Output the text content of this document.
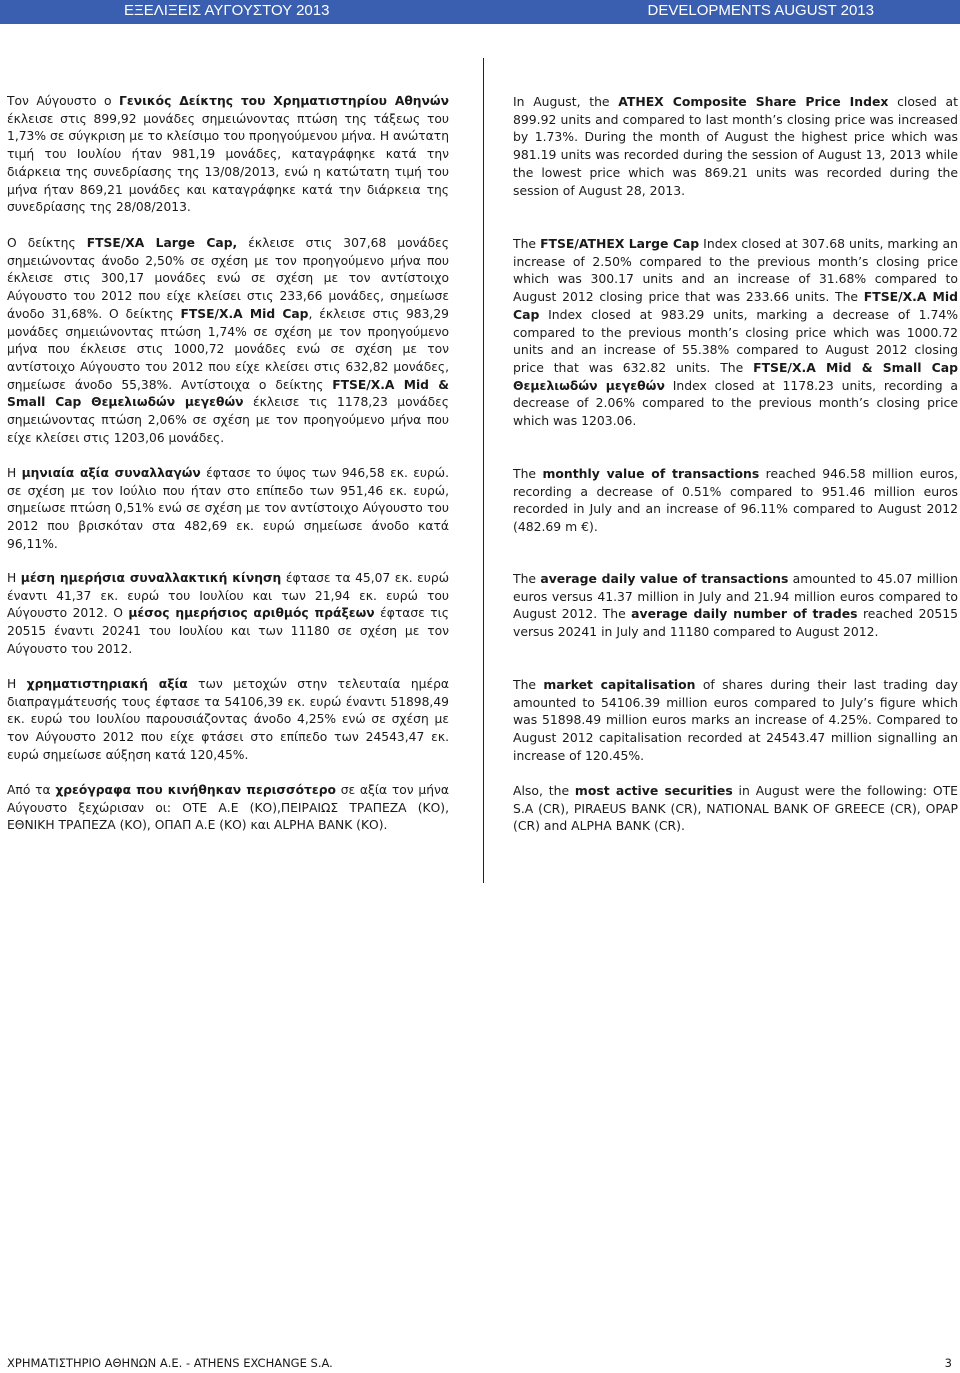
ΕΞΕΛΙΞΕΙΣ ΑΥΓΟΥΣΤΟΥ 2013	DEVELOPMENTS AUGUST 2013

Τον Αύγουστο ο Γενικός Δείκτης του Χρηματιστηρίου Αθηνών έκλεισε στις 899,92 μονάδες σημειώνοντας πτώση της τάξεως του 1,73% σε σύγκριση με το κλείσιμο του προηγούμενου μήνα. Η ανώτατη τιμή του Ιουλίου ήταν 981,19 μονάδες, καταγράφηκε κατά την διάρκεια της συνεδρίασης της 13/08/2013, ενώ η κατώτατη τιμή του μήνα ήταν 869,21 μονάδες και καταγράφηκε κατά την διάρκεια της συνεδρίασης της 28/08/2013.

Ο δείκτης FTSE/ΧΑ Large Cap, έκλεισε στις 307,68 μονάδες σημειώνοντας άνοδο 2,50% σε σχέση με τον προηγούμενο μήνα που έκλεισε στις 300,17 μονάδες ενώ σε σχέση με τον αντίστοιχο Αύγουστο του 2012 που είχε κλείσει στις 233,66 μονάδες, σημείωσε άνοδο 31,68%. Ο δείκτης FTSE/X.A Mid Cap, έκλεισε στις 983,29 μονάδες σημειώνοντας πτώση 1,74% σε σχέση με τον προηγούμενο μήνα που έκλεισε στις 1000,72 μονάδες ενώ σε σχέση με τον αντίστοιχο Αύγουστο του 2012 που είχε κλείσει στις 632,82 μονάδες, σημείωσε άνοδο 55,38%. Αντίστοιχα ο δείκτης FTSE/X.A Mid & Small Cap Θεμελιωδών μεγεθών έκλεισε τις 1178,23 μονάδες σημειώνοντας πτώση 2,06% σε σχέση με τον προηγούμενο μήνα που είχε κλείσει στις 1203,06 μονάδες.

Η μηνιαία αξία συναλλαγών έφτασε το ύψος των 946,58 εκ. ευρώ. σε σχέση με τον Ιούλιο που ήταν στο επίπεδο των 951,46 εκ. ευρώ, σημείωσε πτώση 0,51% ενώ σε σχέση με τον αντίστοιχο Αύγουστο του 2012 που βρισκόταν στα 482,69 εκ. ευρώ σημείωσε άνοδο κατά 96,11%.

Η μέση ημερήσια συναλλακτική κίνηση έφτασε τα 45,07 εκ. ευρώ έναντι 41,37 εκ. ευρώ του Ιουλίου και των 21,94 εκ. ευρώ του Αύγουστο 2012. Ο μέσος ημερήσιος αριθμός πράξεων έφτασε τις 20515 έναντι 20241 του Ιουλίου και των 11180 σε σχέση με τον Αύγουστο του 2012.

Η χρηματιστηριακή αξία των μετοχών στην τελευταία ημέρα διαπραγμάτευσής τους έφτασε τα 54106,39 εκ. ευρώ έναντι 51898,49 εκ. ευρώ του Ιουλίου παρουσιάζοντας άνοδο 4,25% ενώ σε σχέση με τον Αύγουστο 2012 που είχε φτάσει στο επίπεδο των 24543,47 εκ. ευρώ σημείωσε αύξηση κατά 120,45%.

Από τα χρεόγραφα που κινήθηκαν περισσότερο σε αξία τον μήνα Αύγουστο ξεχώρισαν οι: ΟΤΕ Α.Ε (ΚΟ),ΠΕΙΡΑΙΩΣ ΤΡΑΠΕΖΑ (ΚΟ), ΕΘΝΙΚΗ ΤΡΑΠΕΖΑ (ΚΟ), ΟΠΑΠ Α.Ε (ΚΟ) και ALPHA BANK (ΚΟ).

In August, the ATHEX Composite Share Price Index closed at 899.92 units and compared to last month’s closing price was increased by 1.73%. During the month of August the highest price which was 981.19 units was recorded during the session of August 13, 2013 while the lowest price which was 869.21 units was recorded during the session of August 28, 2013.

The FTSE/ATHEX Large Cap Index closed at 307.68 units, marking an increase of 2.50% compared to the previous month’s closing price which was 300.17 units and an increase of 31.68% compared to August 2012 closing price that was 233.66 units. The FTSE/X.A Mid Cap Index closed at 983.29 units, marking a decrease of 1.74% compared to the previous month’s closing price which was 1000.72 units and an increase of 55.38% compared to August 2012 closing price that was 632.82 units. The FTSE/X.A Mid & Small Cap Θεμελιωδών μεγεθών Index closed at 1178.23 units, recording a decrease of 2.06% compared to the previous month’s closing price which was 1203.06.

The monthly value of transactions reached 946.58 million euros, recording a decrease of 0.51% compared to 951.46 million euros recorded in July and an increase of 96.11% compared to August 2012 (482.69 m €).

The average daily value of transactions amounted to 45.07 million euros versus 41.37 million in July and 21.94 million euros compared to August 2012. The average daily number of trades reached 20515 versus 20241 in July and 11180 compared to August 2012.

The market capitalisation of shares during their last trading day amounted to 54106.39 million euros compared to July’s figure which was 51898.49 million euros marks an increase of 4.25%. Compared to August 2012 capitalisation recorded at 24543.47 million signalling an increase of 120.45%.

Also, the most active securities in August were the following: OTE S.A (CR), PIRAEUS BANK (CR), NATIONAL BANK OF GREECE (CR), OPAP (CR) and ALPHA BANK (CR).

ΧΡΗΜΑΤΙΣΤΗΡΙΟ ΑΘΗΝΩΝ Α.Ε. - ATHENS EXCHANGE S.A.	3
